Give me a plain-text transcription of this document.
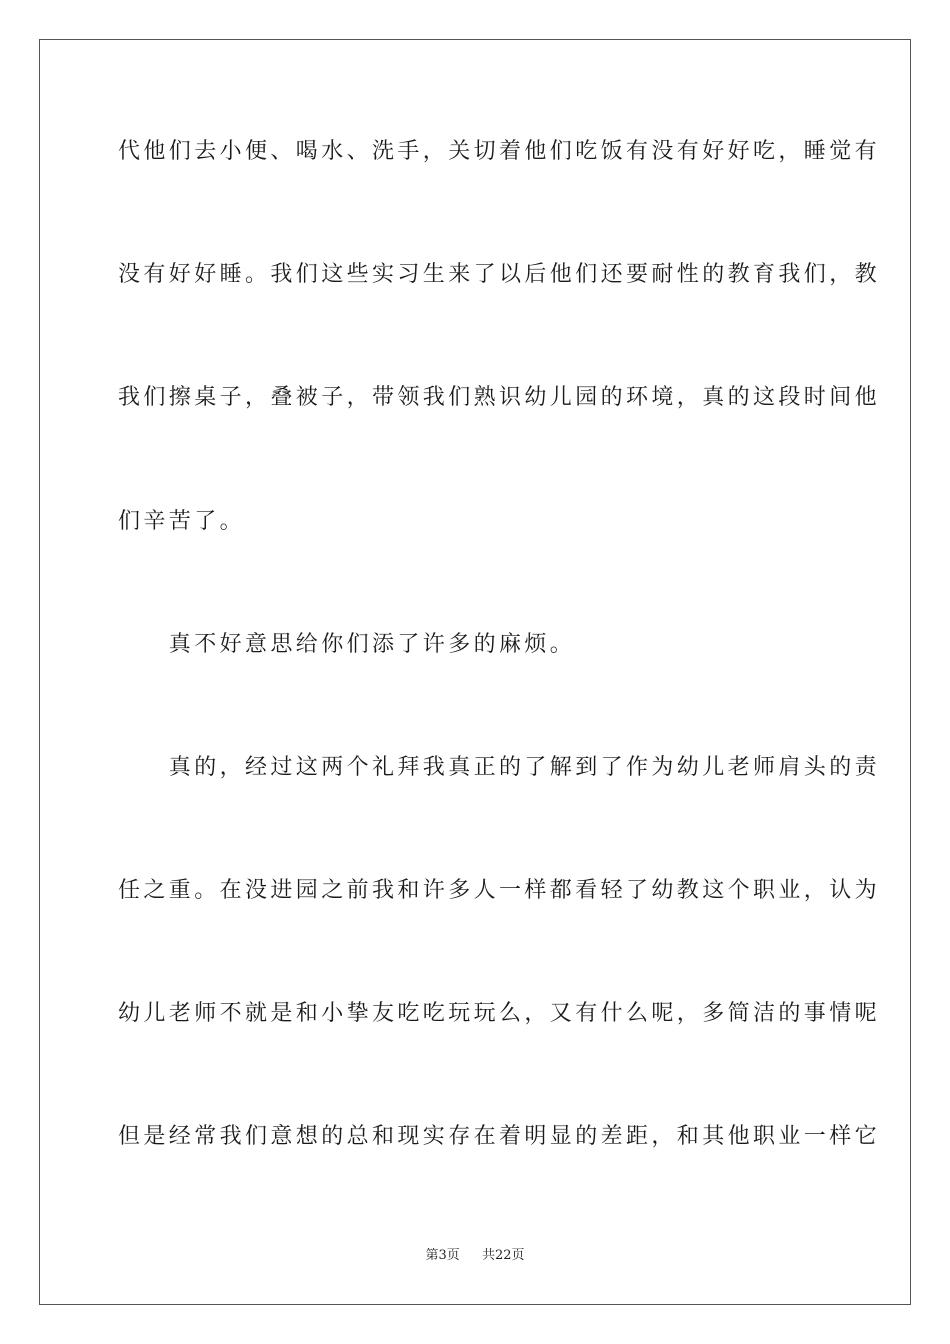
代他们去小便、喝水、洗手，关切着他们吃饭有没有好好吃，睡觉有
没有好好睡。我们这些实习生来了以后他们还要耐性的教育我们，教
我们擦桌子，叠被子，带领我们熟识幼儿园的环境，真的这段时间他
们辛苦了。
　　真不好意思给你们添了许多的麻烦。
　　真的，经过这两个礼拜我真正的了解到了作为幼儿老师肩头的责
任之重。在没进园之前我和许多人一样都看轻了幼教这个职业，认为
幼儿老师不就是和小挚友吃吃玩玩么，又有什么呢，多简洁的事情呢
但是经常我们意想的总和现实存在着明显的差距，和其他职业一样它
第3页 共22页
